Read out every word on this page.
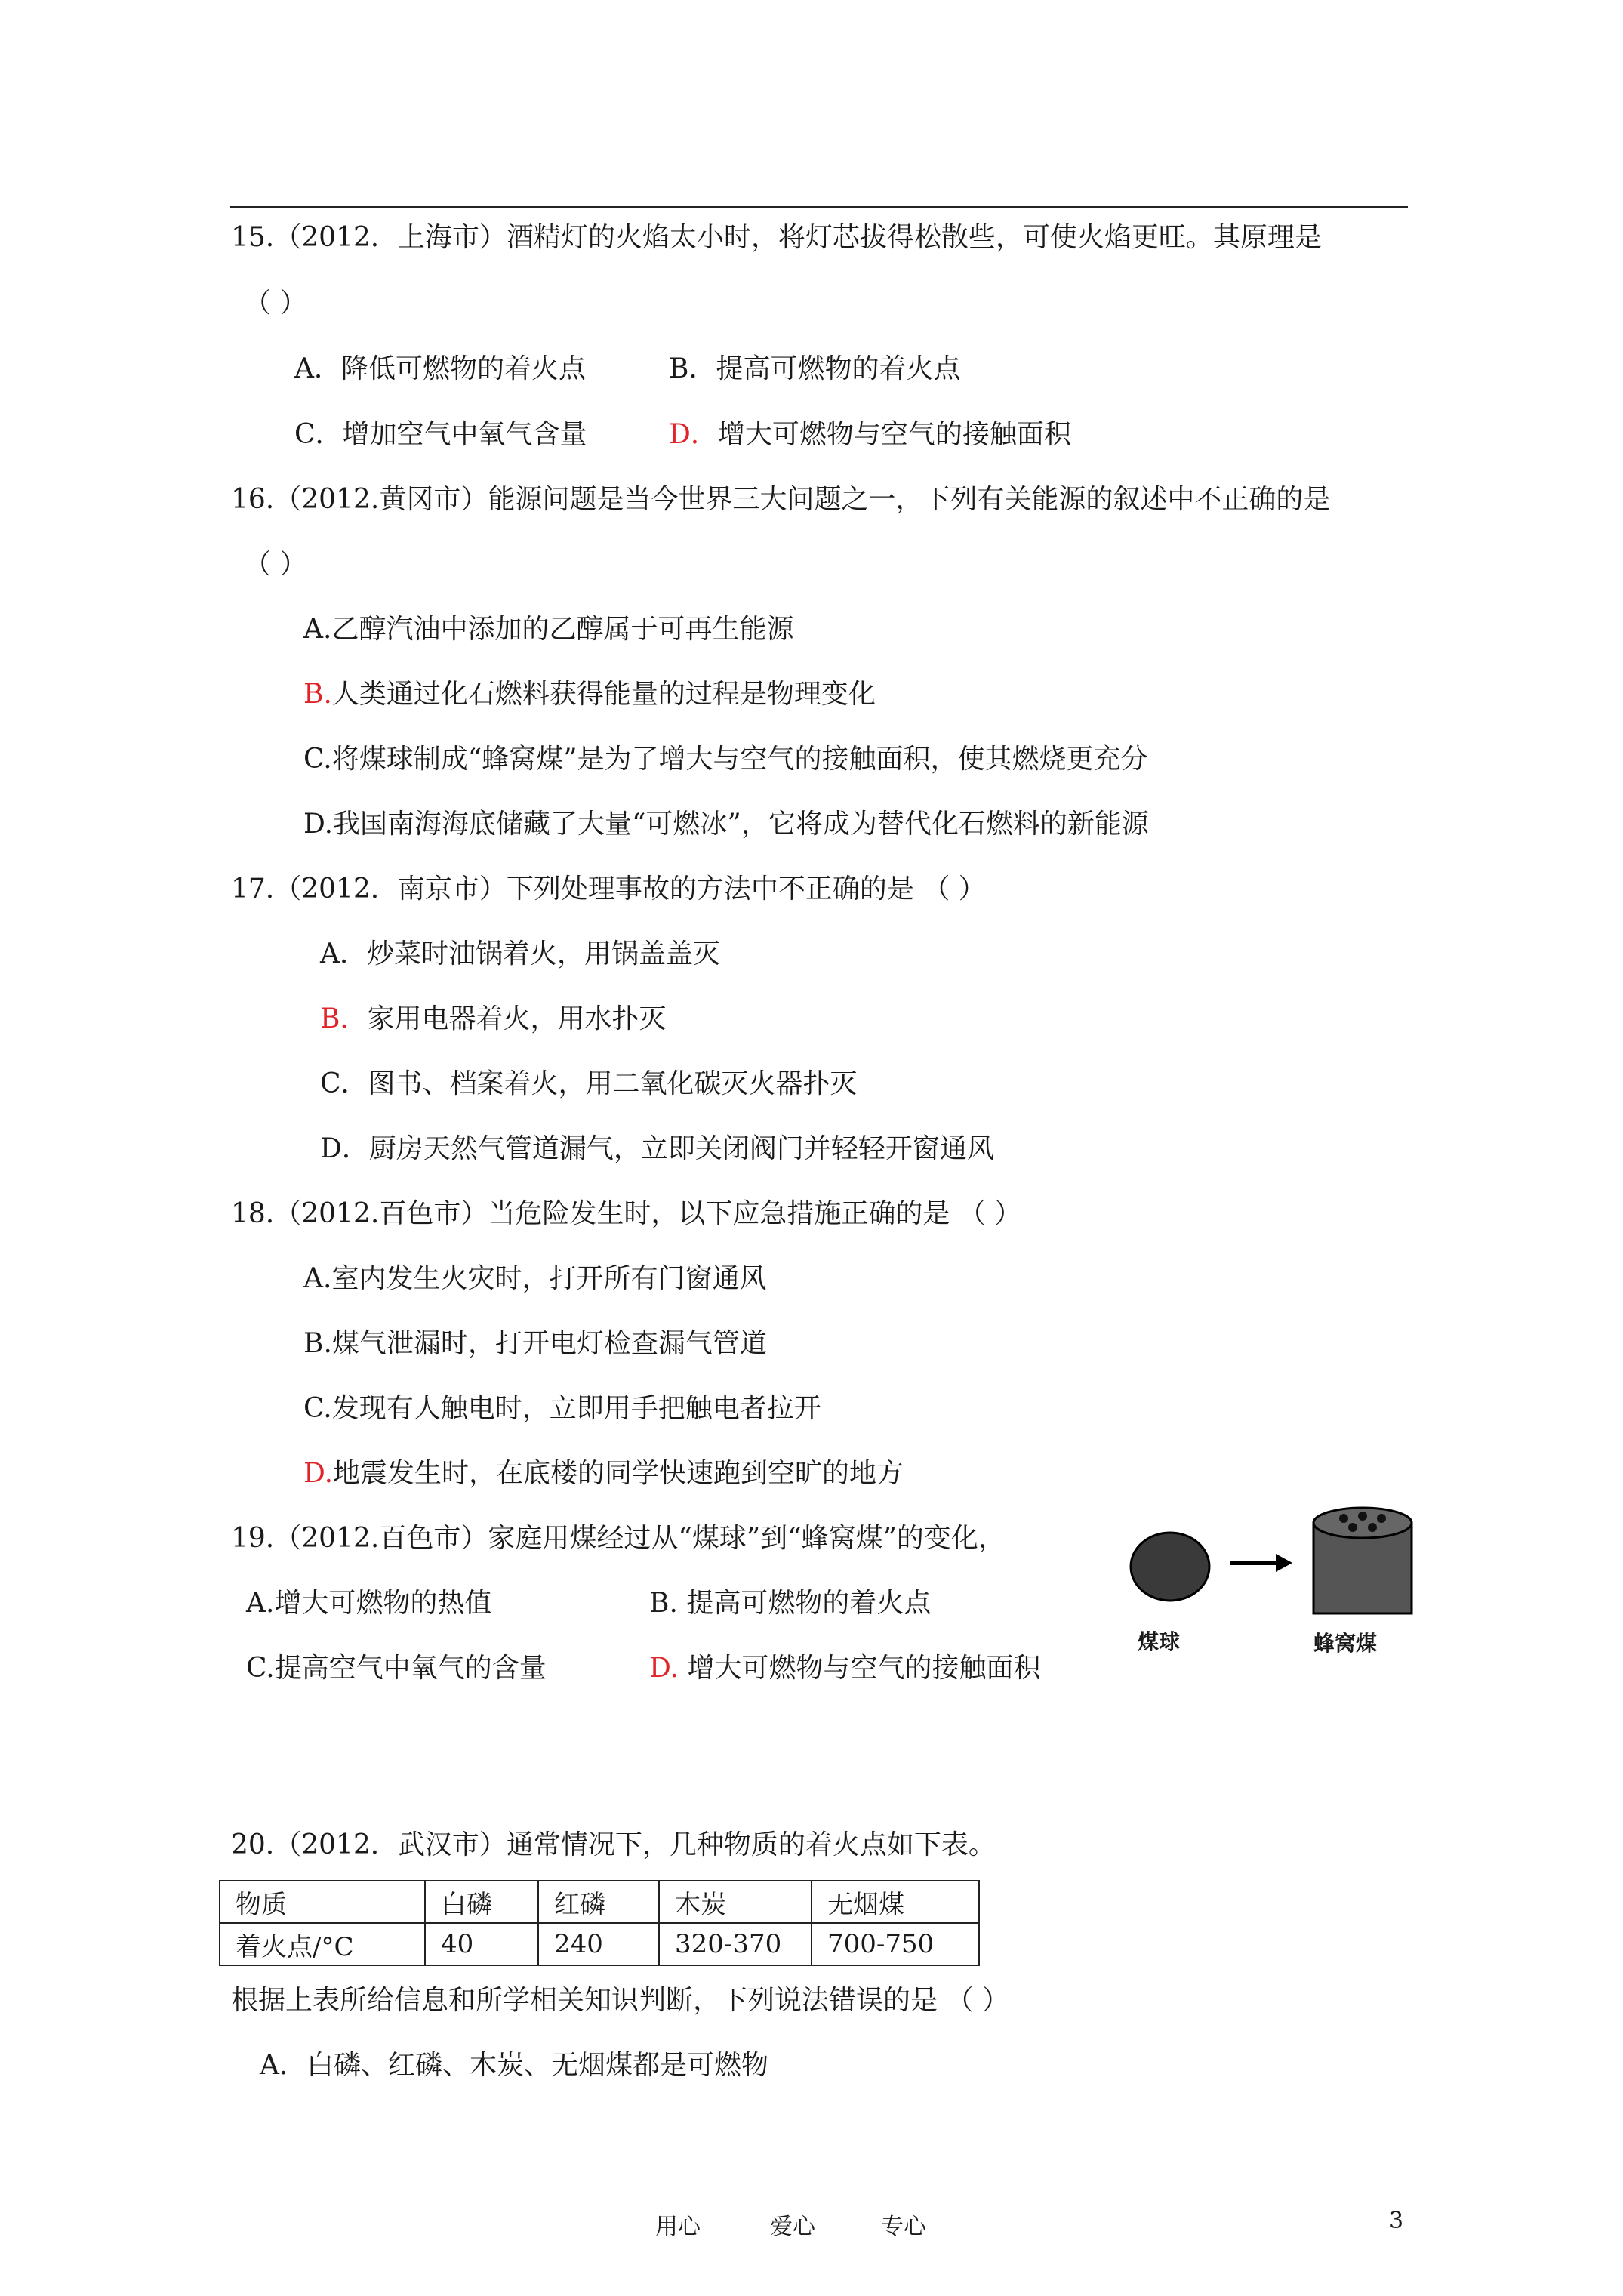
15.（2012．上海市）酒精灯的火焰太小时，将灯芯拔得松散些，可使火焰更旺。其原理是
（ ）
A．降低可燃物的着火点	B．提高可燃物的着火点
C．增加空气中氧气含量	D．增大可燃物与空气的接触面积
16.（2012.黄冈市）能源问题是当今世界三大问题之一，下列有关能源的叙述中不正确的是
（ ）
A.乙醇汽油中添加的乙醇属于可再生能源
B.人类通过化石燃料获得能量的过程是物理变化
C.将煤球制成“蜂窝煤”是为了增大与空气的接触面积，使其燃烧更充分
D.我国南海海底储藏了大量“可燃冰”，它将成为替代化石燃料的新能源
17.（2012．南京市）下列处理事故的方法中不正确的是 （ ）
A．炒菜时油锅着火，用锅盖盖灭
B．家用电器着火，用水扑灭
C．图书、档案着火，用二氧化碳灭火器扑灭
D．厨房天然气管道漏气，立即关闭阀门并轻轻开窗通风
18.（2012.百色市）当危险发生时，以下应急措施正确的是 （ ）
A.室内发生火灾时，打开所有门窗通风
B.煤气泄漏时，打开电灯检查漏气管道
C.发现有人触电时，立即用手把触电者拉开
D.地震发生时，在底楼的同学快速跑到空旷的地方
19.（2012.百色市）家庭用煤经过从“煤球”到“蜂窝煤”的变化，
A.增大可燃物的热值	B. 提高可燃物的着火点
C.提高空气中氧气的含量	D. 增大可燃物与空气的接触面积
煤球	蜂窝煤
20.（2012．武汉市）通常情况下，几种物质的着火点如下表。
物质	白磷	红磷	木炭	无烟煤
着火点/°C	40	240	320-370	700-750
根据上表所给信息和所学相关知识判断，下列说法错误的是 （ ）
A．白磷、红磷、木炭、无烟煤都是可燃物
用心	爱心	专心	3
